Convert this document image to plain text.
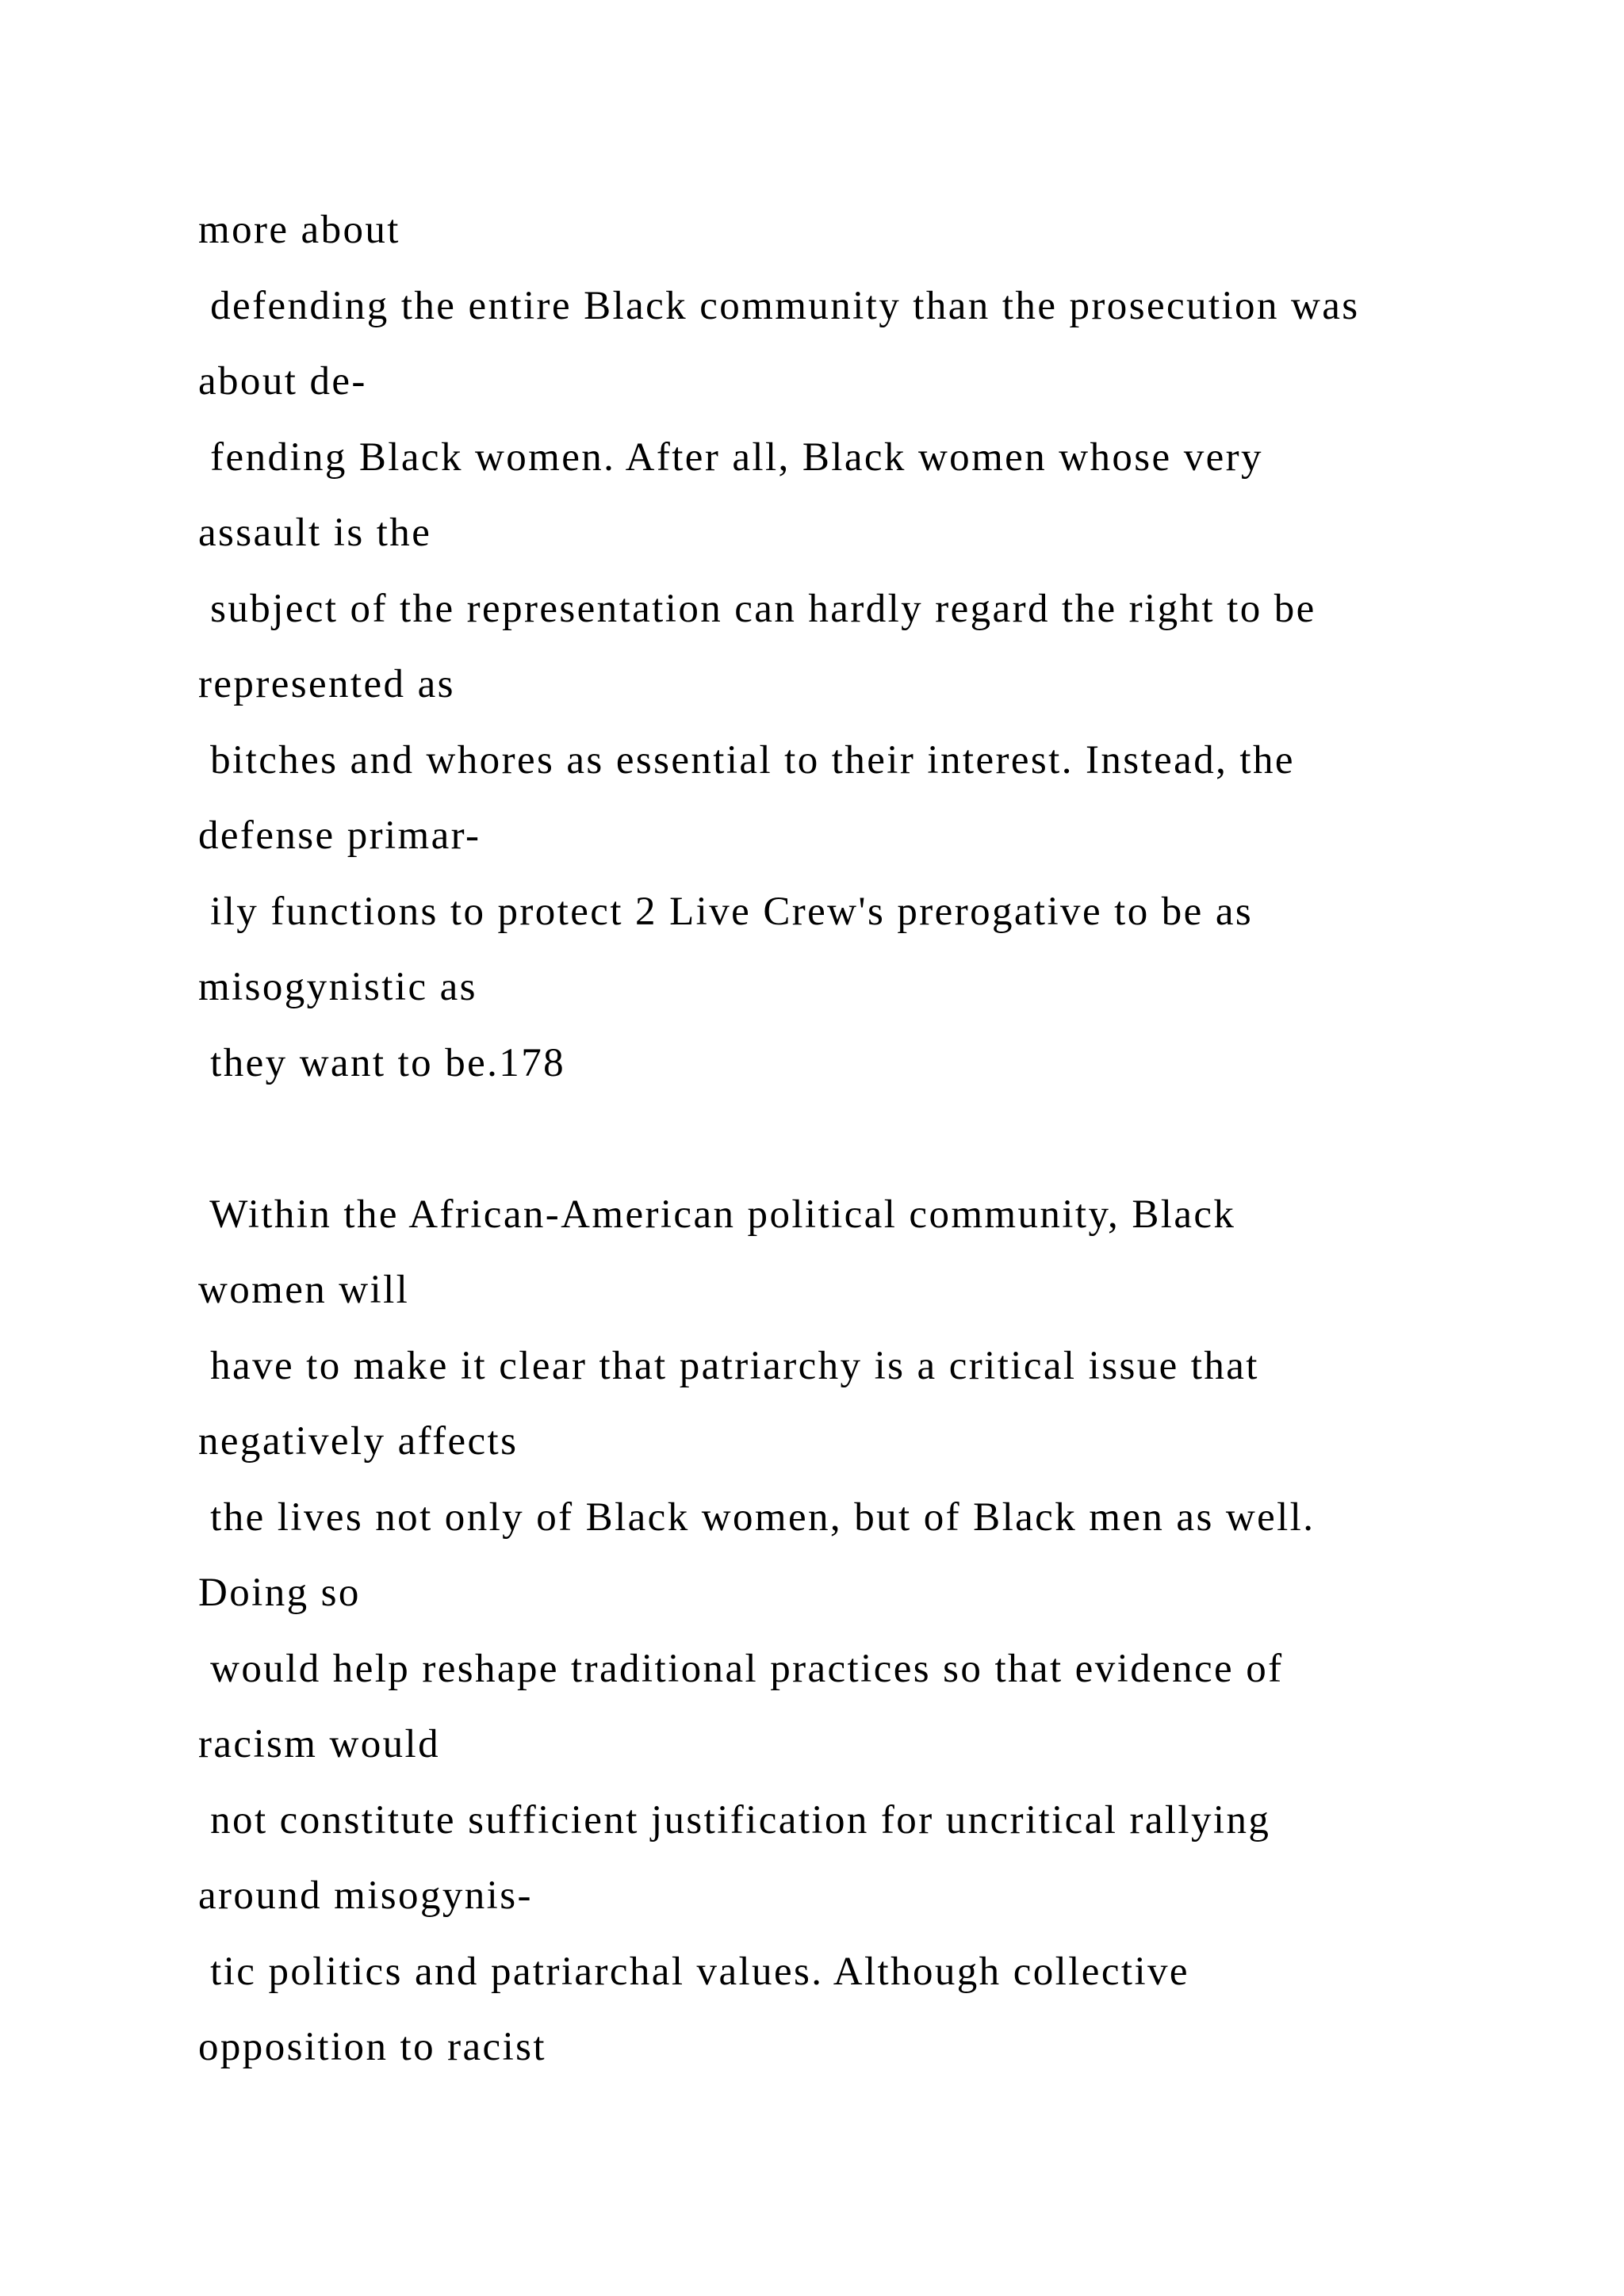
more about
defending the entire Black community than the prosecution was
about de-
fending Black women. After all, Black women whose very
assault is the
subject of the representation can hardly regard the right to be
represented as
bitches and whores as essential to their interest. Instead, the
defense primar-
ily functions to protect 2 Live Crew's prerogative to be as
misogynistic as
they want to be.178
Within the African-American political community, Black
women will
have to make it clear that patriarchy is a critical issue that
negatively affects
the lives not only of Black women, but of Black men as well.
Doing so
would help reshape traditional practices so that evidence of
racism would
not constitute sufficient justification for uncritical rallying
around misogynis-
tic politics and patriarchal values. Although collective
opposition to racist
